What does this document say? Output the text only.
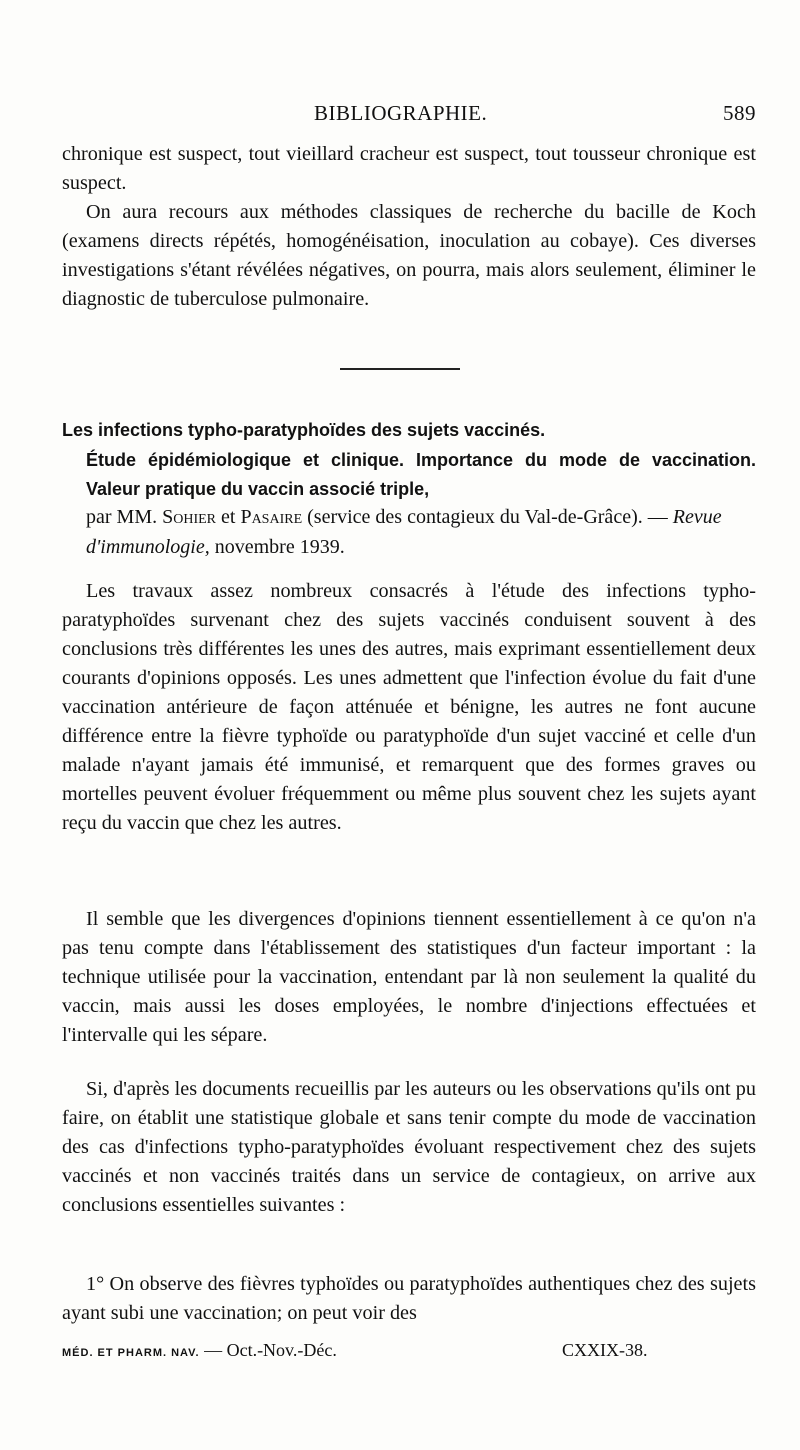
BIBLIOGRAPHIE.	589

chronique est suspect, tout vieillard cracheur est suspect, tout tousseur chronique est suspect.

On aura recours aux méthodes classiques de recherche du bacille de Koch (examens directs répétés, homogénéisation, inoculation au cobaye). Ces diverses investigations s'étant révélées négatives, on pourra, mais alors seulement, éliminer le diagnostic de tuberculose pulmonaire.

Les infections typho-paratyphoïdes des sujets vaccinés.
Étude épidémiologique et clinique. Importance du mode de vaccination. Valeur pratique du vaccin associé triple,
par MM. Sohier et Pasaire (service des contagieux du Val-de-Grâce). — Revue d'immunologie, novembre 1939.

Les travaux assez nombreux consacrés à l'étude des infections typho-paratyphoïdes survenant chez des sujets vaccinés conduisent souvent à des conclusions très différentes les unes des autres, mais exprimant essentiellement deux courants d'opinions opposés. Les unes admettent que l'infection évolue du fait d'une vaccination antérieure de façon atténuée et bénigne, les autres ne font aucune différence entre la fièvre typhoïde ou paratyphoïde d'un sujet vacciné et celle d'un malade n'ayant jamais été immunisé, et remarquent que des formes graves ou mortelles peuvent évoluer fréquemment ou même plus souvent chez les sujets ayant reçu du vaccin que chez les autres.

Il semble que les divergences d'opinions tiennent essentiellement à ce qu'on n'a pas tenu compte dans l'établissement des statistiques d'un facteur important : la technique utilisée pour la vaccination, entendant par là non seulement la qualité du vaccin, mais aussi les doses employées, le nombre d'injections effectuées et l'intervalle qui les sépare.

Si, d'après les documents recueillis par les auteurs ou les observations qu'ils ont pu faire, on établit une statistique globale et sans tenir compte du mode de vaccination des cas d'infections typho-paratyphoïdes évoluant respectivement chez des sujets vaccinés et non vaccinés traités dans un service de contagieux, on arrive aux conclusions essentielles suivantes :

1° On observe des fièvres typhoïdes ou paratyphoïdes authentiques chez des sujets ayant subi une vaccination; on peut voir des

MÉD. ET PHARM. NAV. — Oct.-Nov.-Déc.	CXXIX-38.
